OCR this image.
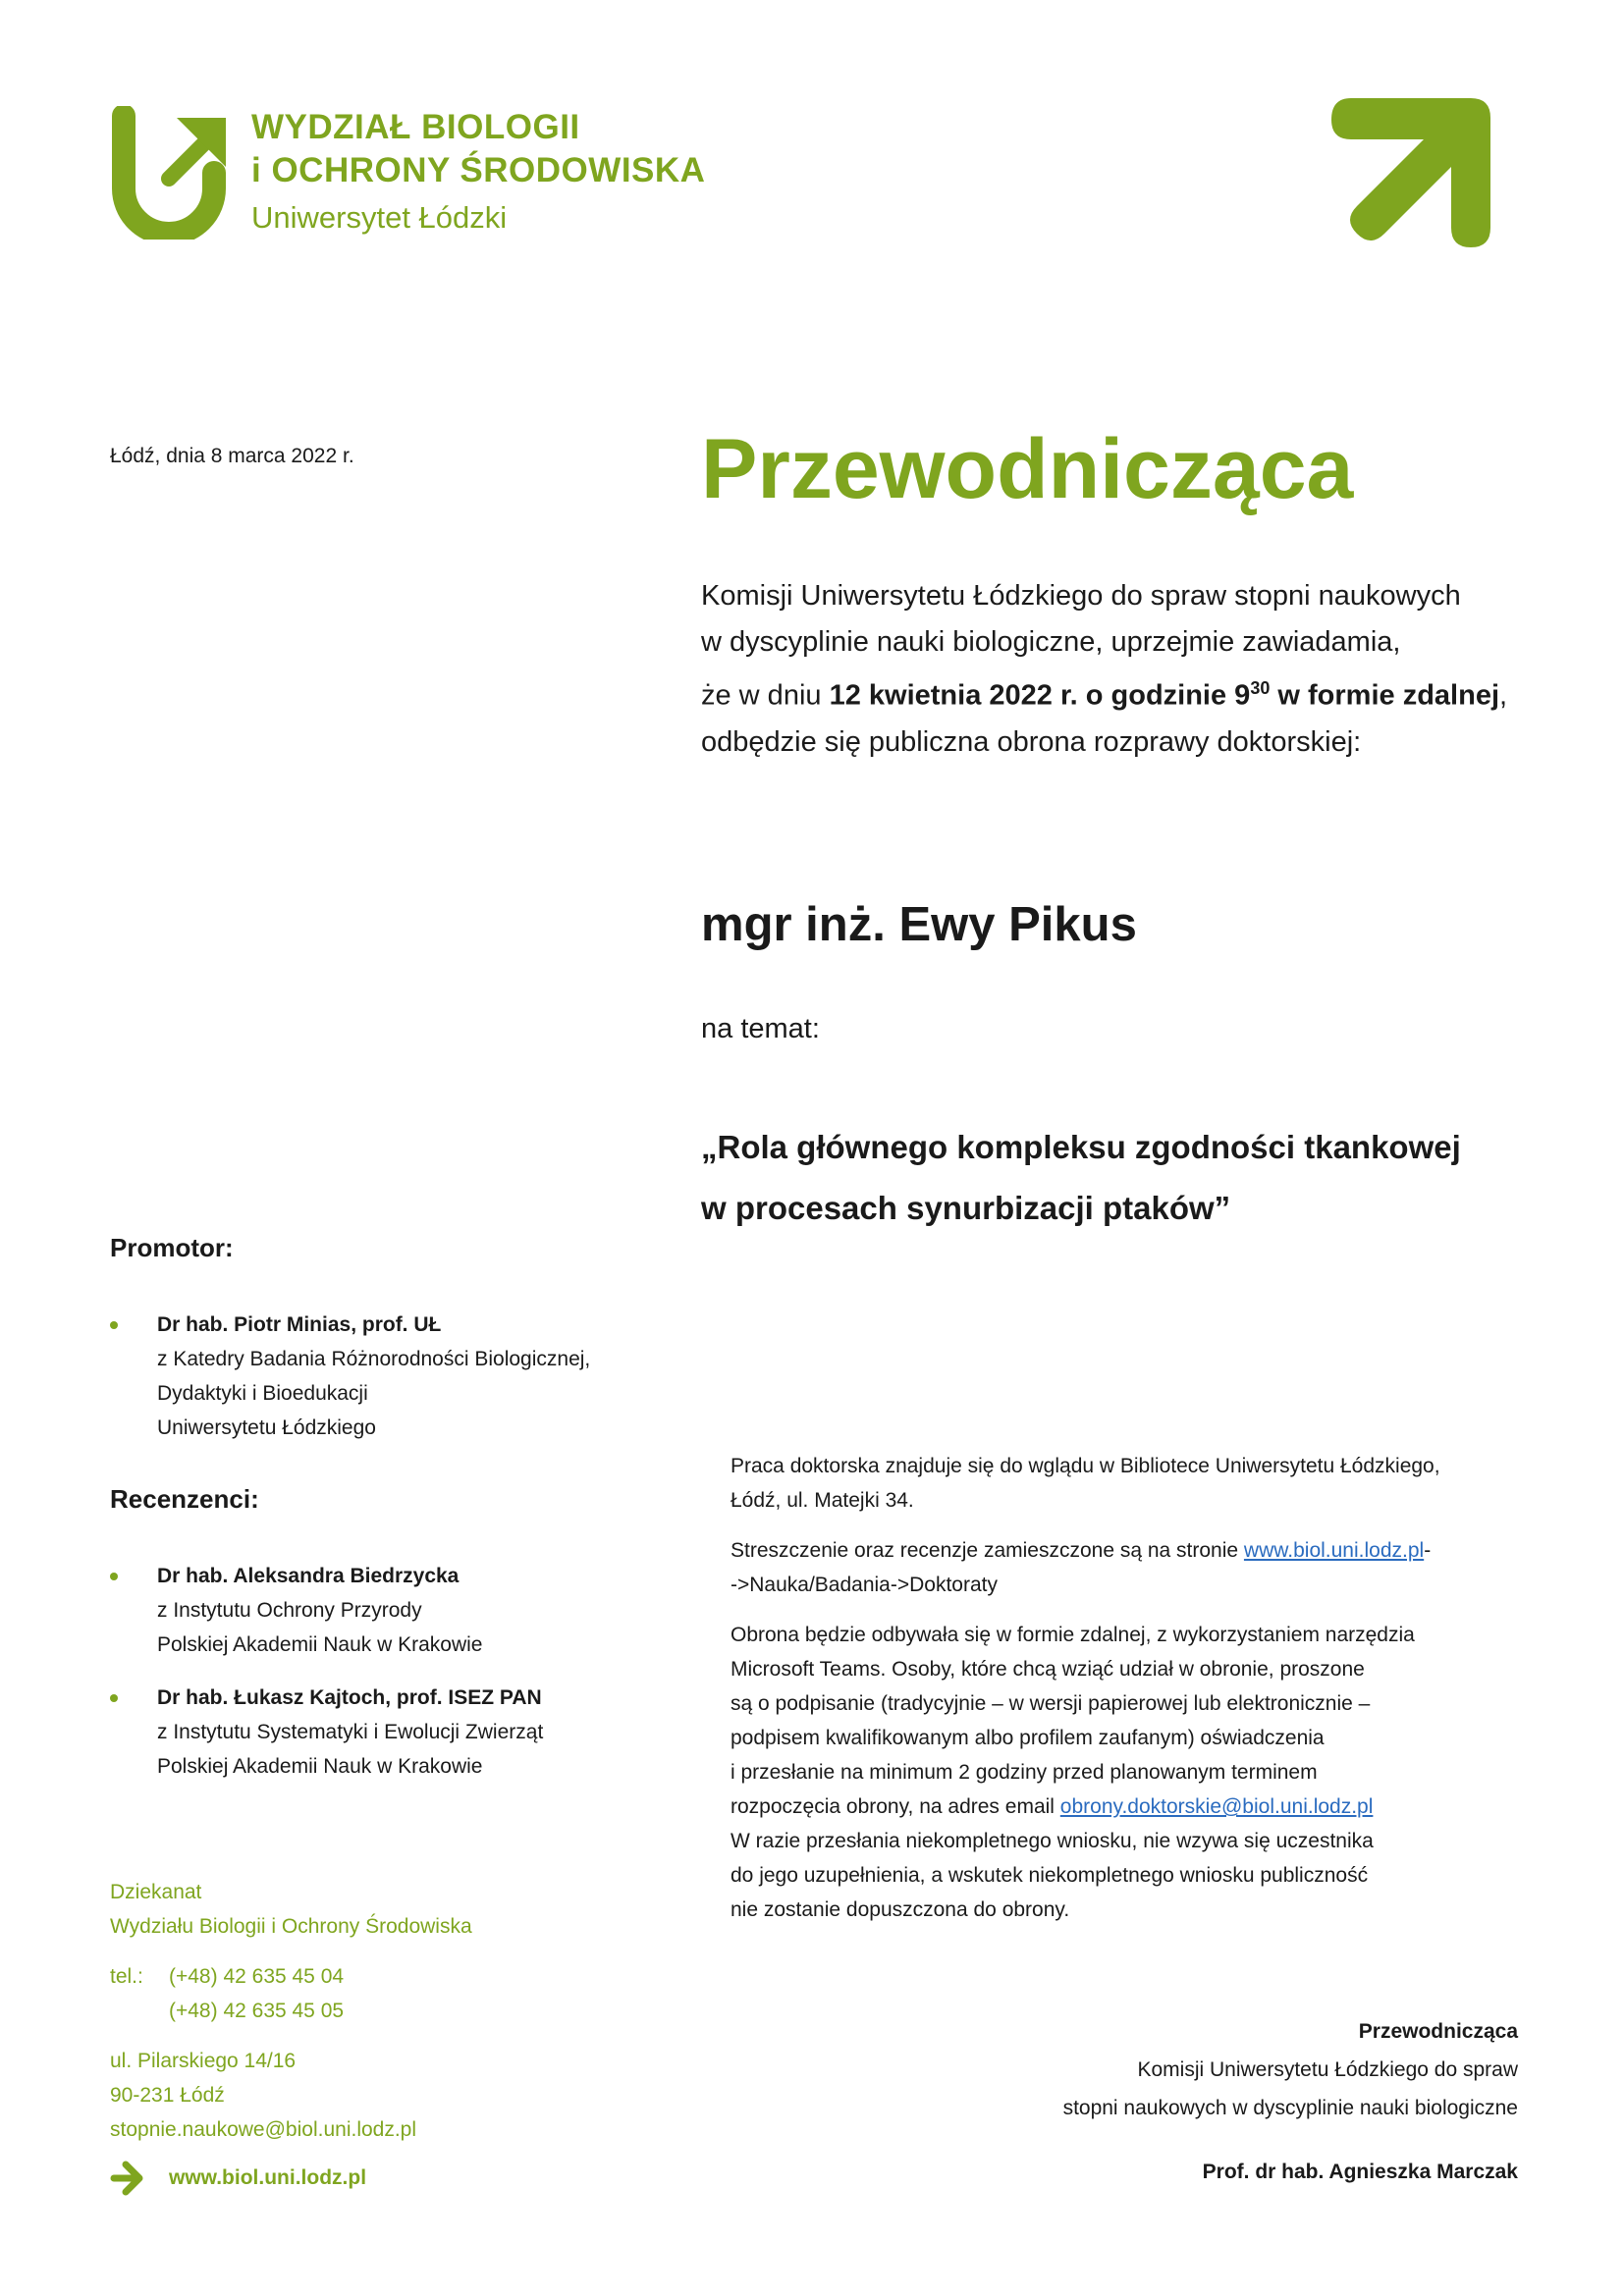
WYDZIAŁ BIOLOGII
i OCHRONY ŚRODOWISKA
Uniwersytet Łódzki
Łódź, dnia 8 marca 2022 r.
Promotor:
Dr hab. Piotr Minias, prof. UŁ
z Katedry Badania Różnorodności Biologicznej,
Dydaktyki i Bioedukacji
Uniwersytetu Łódzkiego
Recenzenci:
Dr hab. Aleksandra Biedrzycka
z Instytutu Ochrony Przyrody
Polskiej Akademii Nauk w Krakowie
Dr hab. Łukasz Kajtoch, prof. ISEZ PAN
z Instytutu Systematyki i Ewolucji Zwierząt
Polskiej Akademii Nauk w Krakowie
Dziekanat
Wydziału Biologii i Ochrony Środowiska
tel.:	(+48) 42 635 45 04
(+48) 42 635 45 05
ul. Pilarskiego 14/16
90-231 Łódź
stopnie.naukowe@biol.uni.lodz.pl
www.biol.uni.lodz.pl
Przewodnicząca
Komisji Uniwersytetu Łódzkiego do spraw stopni naukowych
w dyscyplinie nauki biologiczne, uprzejmie zawiadamia,
że w dniu 12 kwietnia 2022 r. o godzinie $9^{30}$ w formie zdalnej,
odbędzie się publiczna obrona rozprawy doktorskiej:
mgr inż. Ewy Pikus
na temat:
„Rola głównego kompleksu zgodności tkankowej
w procesach synurbizacji ptaków”

Praca doktorska znajduje się do wglądu w Bibliotece Uniwersytetu Łódzkiego,
Łódź, ul. Matejki 34.

Streszczenie oraz recenzje zamieszczone są na stronie www.biol.uni.lodz.pl-
->Nauka/Badania->Doktoraty

Obrona będzie odbywała się w formie zdalnej, z wykorzystaniem narzędzia
Microsoft Teams. Osoby, które chcą wziąć udział w obronie, proszone
są o podpisanie (tradycyjnie – w wersji papierowej lub elektronicznie –
podpisem kwalifikowanym albo profilem zaufanym) oświadczenia
i przesłanie na minimum 2 godziny przed planowanym terminem
rozpoczęcia obrony, na adres email obrony.doktorskie@biol.uni.lodz.pl
W razie przesłania niekompletnego wniosku, nie wzywa się uczestnika
do jego uzupełnienia, a wskutek niekompletnego wniosku publiczność
nie zostanie dopuszczona do obrony.

Przewodnicząca
Komisji Uniwersytetu Łódzkiego do spraw
stopni naukowych w dyscyplinie nauki biologiczne
Prof. dr hab. Agnieszka Marczak
